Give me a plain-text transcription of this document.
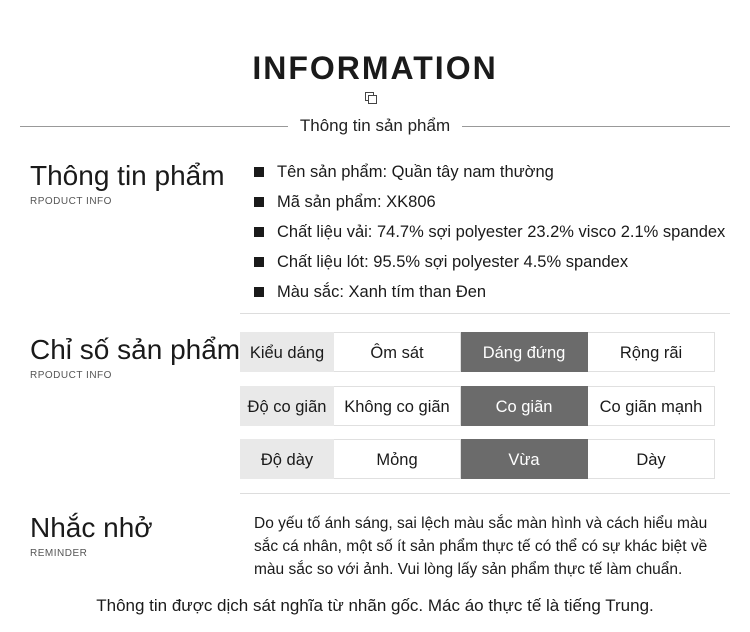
INFORMATION
Thông tin sản phẩm
Thông tin phẩm
RPODUCT INFO
Tên sản phẩm: Quần tây nam thường
Mã sản phẩm: XK806
Chất liệu vải: 74.7% sợi polyester 23.2% visco 2.1% spandex
Chất liệu lót: 95.5% sợi polyester 4.5% spandex
Màu sắc: Xanh tím than Đen
Chỉ số sản phẩm
RPODUCT INFO
Kiểu dáng	Ôm sát	Dáng đứng	Rộng rãi
Độ co giãn	Không co giãn	Co giãn	Co giãn mạnh
Độ dày	Mỏng	Vừa	Dày
Nhắc nhở
REMINDER
Do yếu tố ánh sáng, sai lệch màu sắc màn hình và cách hiểu màu sắc cá nhân, một số ít sản phẩm thực tế có thể có sự khác biệt về màu sắc so với ảnh. Vui lòng lấy sản phẩm thực tế làm chuẩn.
Thông tin được dịch sát nghĩa từ nhãn gốc. Mác áo thực tế là tiếng Trung.
